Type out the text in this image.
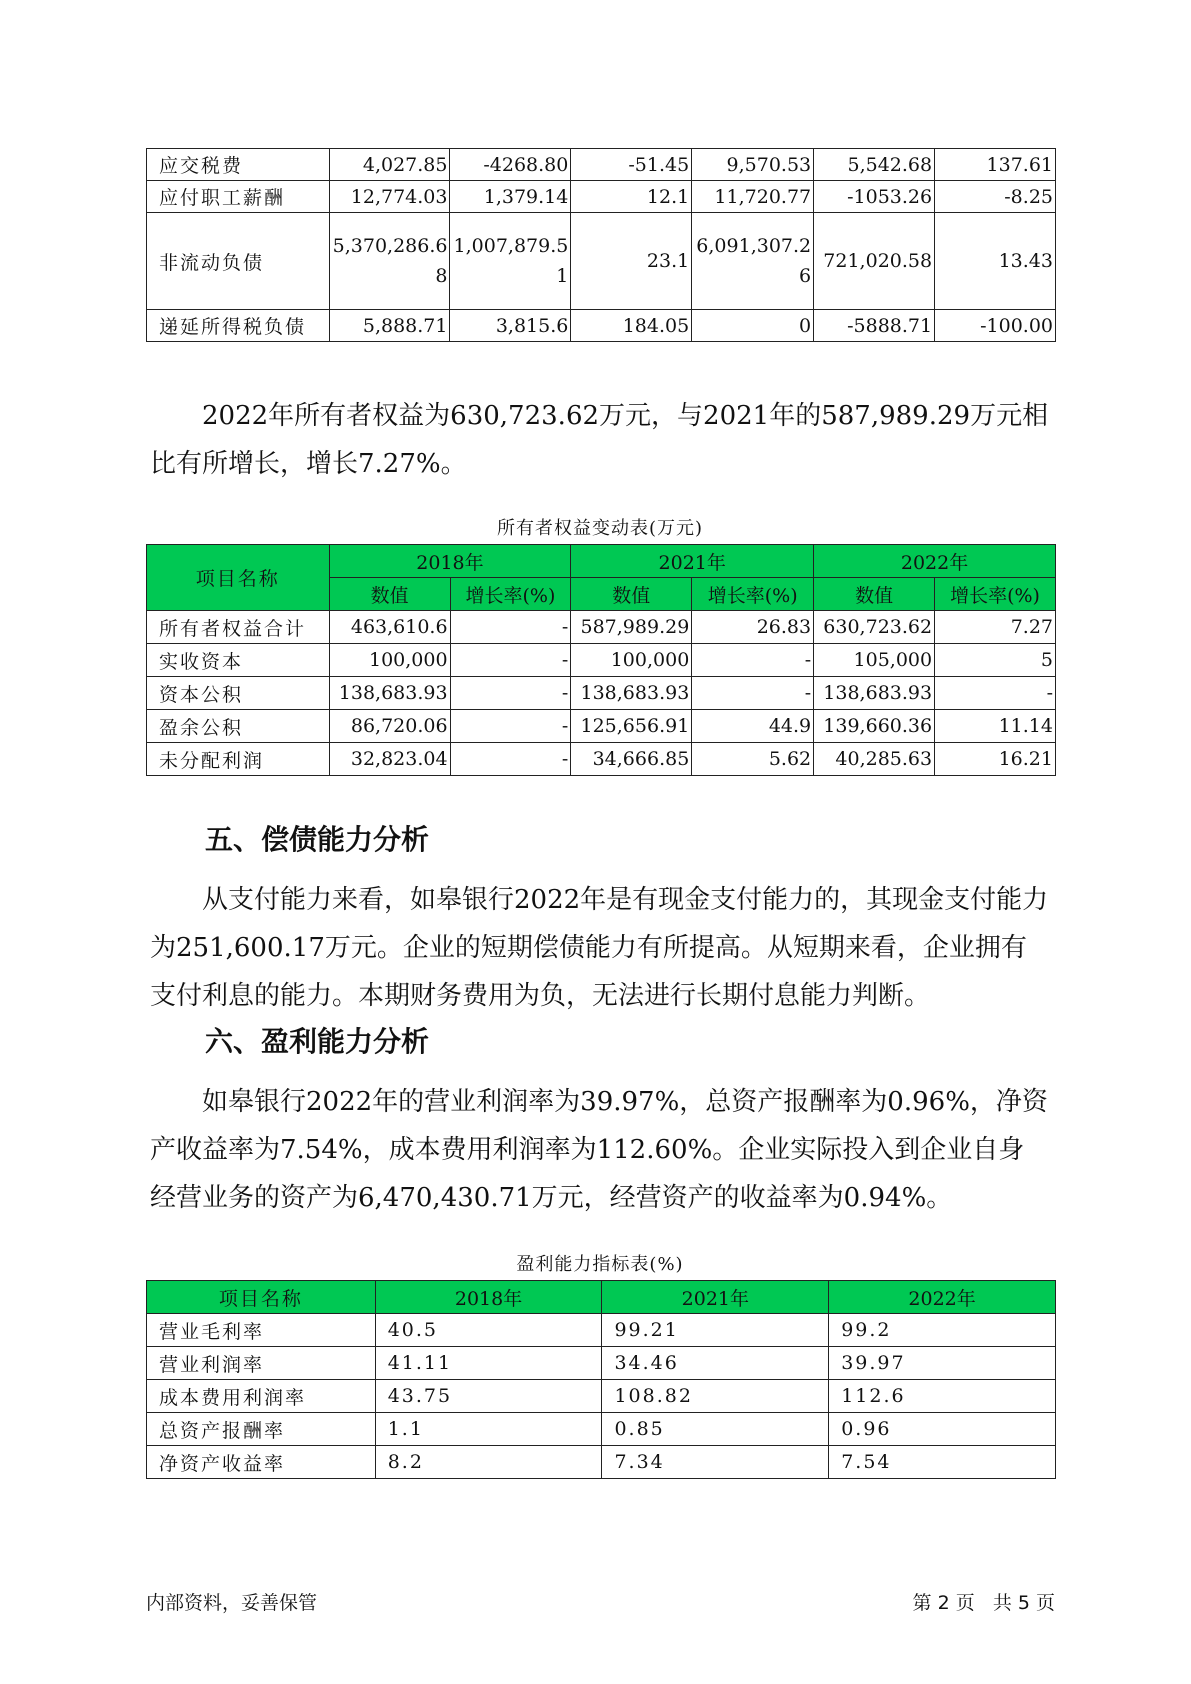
应交税费	4,027.85	-4268.80	-51.45	9,570.53	5,542.68	137.61
应付职工薪酬	12,774.03	1,379.14	12.1	11,720.77	-1053.26	-8.25
非流动负债	5,370,286.68	1,007,879.51	23.1	6,091,307.26	721,020.58	13.43
递延所得税负债	5,888.71	3,815.6	184.05	0	-5888.71	-100.00

2022年所有者权益为630,723.62万元，与2021年的587,989.29万元相比有所增长，增长7.27%。

所有者权益变动表(万元)

项目名称	2018年		2021年		2022年	
	数值	增长率(%)	数值	增长率(%)	数值	增长率(%)
所有者权益合计	463,610.6	-	587,989.29	26.83	630,723.62	7.27
实收资本	100,000	-	100,000	-	105,000	5
资本公积	138,683.93	-	138,683.93	-	138,683.93	-
盈余公积	86,720.06	-	125,656.91	44.9	139,660.36	11.14
未分配利润	32,823.04	-	34,666.85	5.62	40,285.63	16.21
五、偿债能力分析

从支付能力来看，如皋银行2022年是有现金支付能力的，其现金支付能力为251,600.17万元。企业的短期偿债能力有所提高。从短期来看，企业拥有支付利息的能力。本期财务费用为负，无法进行长期付息能力判断。

六、盈利能力分析

如皋银行2022年的营业利润率为39.97%，总资产报酬率为0.96%，净资产收益率为7.54%，成本费用利润率为112.60%。企业实际投入到企业自身经营业务的资产为6,470,430.71万元，经营资产的收益率为0.94%。

盈利能力指标表(%)

项目名称	2018年	2021年	2022年
营业毛利率	40.5	99.21	99.2
营业利润率	41.11	34.46	39.97
成本费用利润率	43.75	108.82	112.6
总资产报酬率	1.1	0.85	0.96
净资产收益率	8.2	7.34	7.54

内部资料，妥善保管	第 2 页   共 5 页
